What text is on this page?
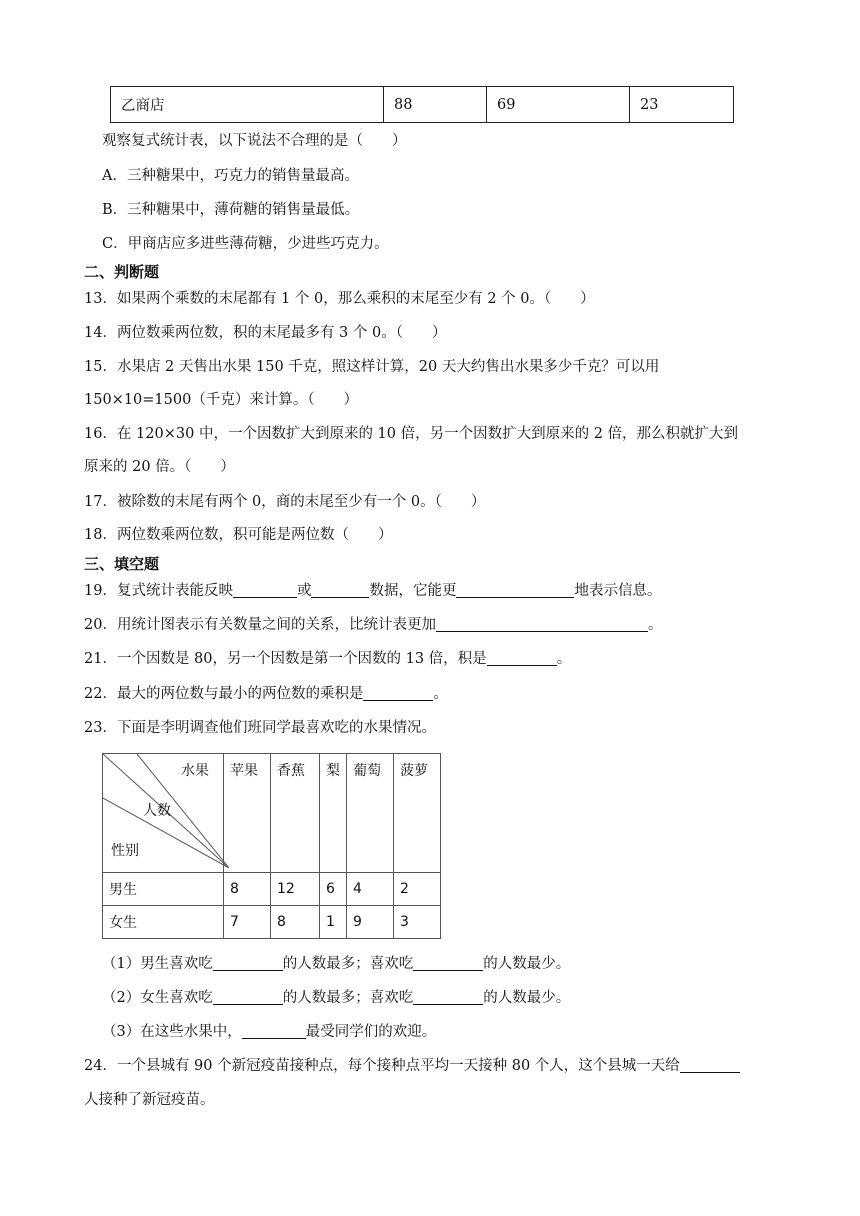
乙商店	88	69	23
观察复式统计表，以下说法不合理的是（　　）
A．三种糖果中，巧克力的销售量最高。
B．三种糖果中，薄荷糖的销售量最低。
C．甲商店应多进些薄荷糖，少进些巧克力。
二、判断题
13．如果两个乘数的末尾都有 1 个 0，那么乘积的末尾至少有 2 个 0。（　　）
14．两位数乘两位数，积的末尾最多有 3 个 0。（　　）
15．水果店 2 天售出水果 150 千克，照这样计算，20 天大约售出水果多少千克？可以用
150×10=1500（千克）来计算。（　　）
16．在 120×30 中，一个因数扩大到原来的 10 倍，另一个因数扩大到原来的 2 倍，那么积就扩大到
原来的 20 倍。（　　）
17．被除数的末尾有两个 0，商的末尾至少有一个 0。（　　）
18．两位数乘两位数，积可能是两位数（　　）
三、填空题
19．复式统计表能反映	或	数据，它能更	地表示信息。
20．用统计图表示有关数量之间的关系，比统计表更加	。
21．一个因数是 80，另一个因数是第一个因数的 13 倍，积是	。
22．最大的两位数与最小的两位数的乘积是	。
23．下面是李明调查他们班同学最喜欢吃的水果情况。
水果
人数
性别	苹果	香蕉	梨	葡萄	菠萝
男生	8	12	6	4	2
女生	7	8	1	9	3
（1）男生喜欢吃	的人数最多；喜欢吃	的人数最少。
（2）女生喜欢吃	的人数最多；喜欢吃	的人数最少。
（3）在这些水果中，	最受同学们的欢迎。
24．一个县城有 90 个新冠疫苗接种点，每个接种点平均一天接种 80 个人，这个县城一天给
人接种了新冠疫苗。
